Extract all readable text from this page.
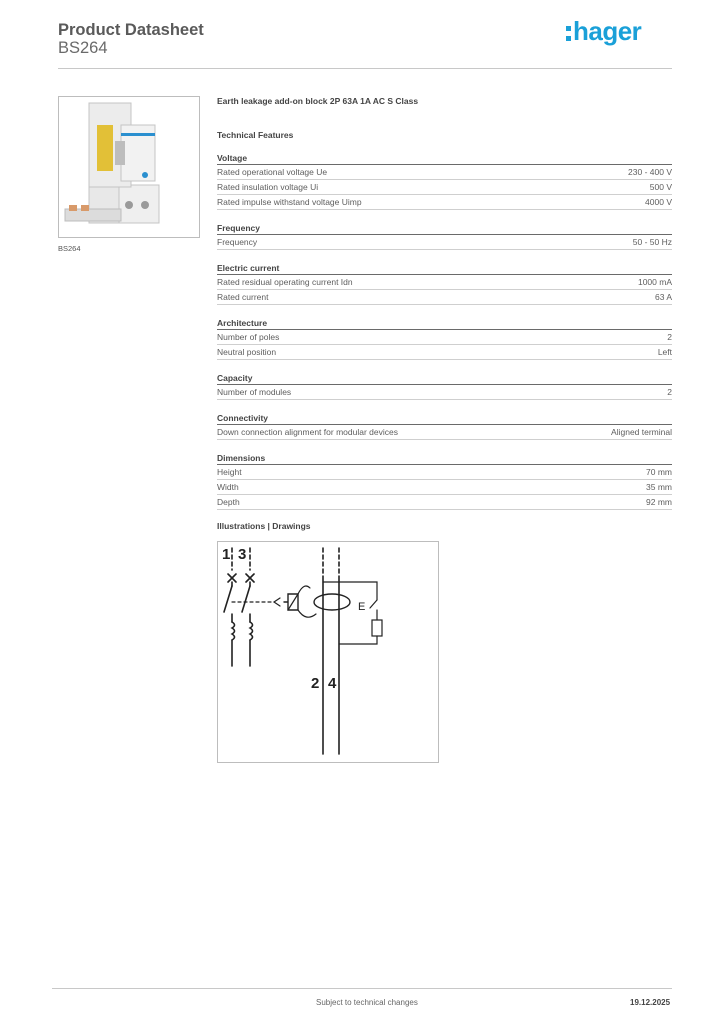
Product Datasheet
BS264
hager
BS264
Earth leakage add-on block 2P 63A 1A AC S Class
Technical Features
Voltage
Rated operational voltage Ue	230 - 400 V
Rated insulation voltage Ui	500 V
Rated impulse withstand voltage Uimp	4000 V
Frequency
Frequency	50 - 50 Hz
Electric current
Rated residual operating current Idn	1000 mA
Rated current	63 A
Architecture
Number of poles	2
Neutral position	Left
Capacity
Number of modules	2
Connectivity
Down connection alignment for modular devices	Aligned terminal
Dimensions
Height	70 mm
Width	35 mm
Depth	92 mm
Illustrations | Drawings
1 3
E
2 4
Subject to technical changes	19.12.2025
